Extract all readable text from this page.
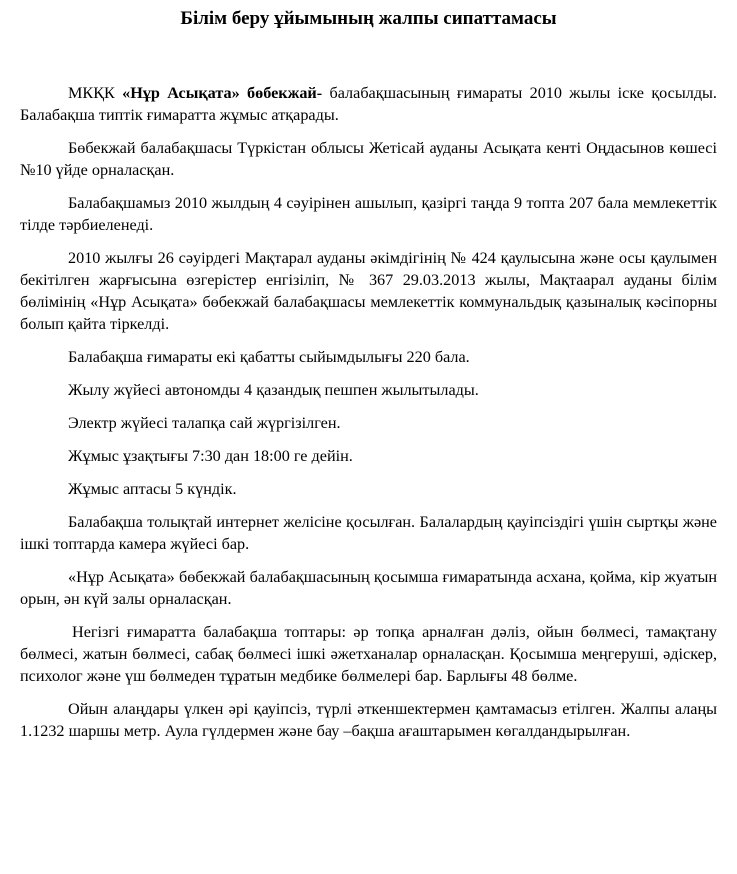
Білім беру ұйымының жалпы сипаттамасы

МКҚК «Нұр Асықата» бөбекжай- балабақшасының ғимараты 2010 жылы іске қосылды. Балабақша типтік ғимаратта жұмыс атқарады.

Бөбекжай балабақшасы Түркістан облысы Жетісай ауданы Асықата кенті Оңдасынов көшесі №10 үйде орналасқан.

Балабақшамыз 2010 жылдың 4 сәуірінен ашылып, қазіргі таңда 9 топта 207 бала мемлекеттік тілде тәрбиеленеді.

2010 жылғы 26 сәуірдегі Мақтарал ауданы әкімдігінің № 424 қаулысына және осы қаулымен бекітілген жарғысына өзгерістер енгізіліп, № 367 29.03.2013 жылы, Мақтаарал ауданы білім бөлімінің «Нұр Асықата» бөбекжай балабақшасы мемлекеттік коммунальдық қазыналық кәсіпорны болып қайта тіркелді.

Балабақша ғимараты екі қабатты сыйымдылығы 220 бала.

Жылу жүйесі автономды 4 қазандық пешпен жылытылады.

Электр жүйесі талапқа сай жүргізілген.

Жұмыс ұзақтығы 7:30 дан 18:00 ге дейін.

Жұмыс аптасы 5 күндік.

Балабақша толықтай интернет желісіне қосылған. Балалардың қауіпсіздігі үшін сыртқы және ішкі топтарда камера жүйесі бар.

«Нұр Асықата» бөбекжай балабақшасының қосымша ғимаратында асхана, қойма, кір жуатын орын, ән күй залы орналасқан.

Негізгі ғимаратта балабақша топтары: әр топқа арналған дәліз, ойын бөлмесі, тамақтану бөлмесі, жатын бөлмесі, сабақ бөлмесі ішкі әжетханалар орналасқан. Қосымша меңгеруші, әдіскер, психолог және үш бөлмеден тұратын медбике бөлмелері бар. Барлығы 48 бөлме.

Ойын алаңдары үлкен әрі қауіпсіз, түрлі әткеншектермен қамтамасыз етілген. Жалпы алаңы 1.1232 шаршы метр. Аула гүлдермен және бау –бақша ағаштарымен көгалдандырылған.
